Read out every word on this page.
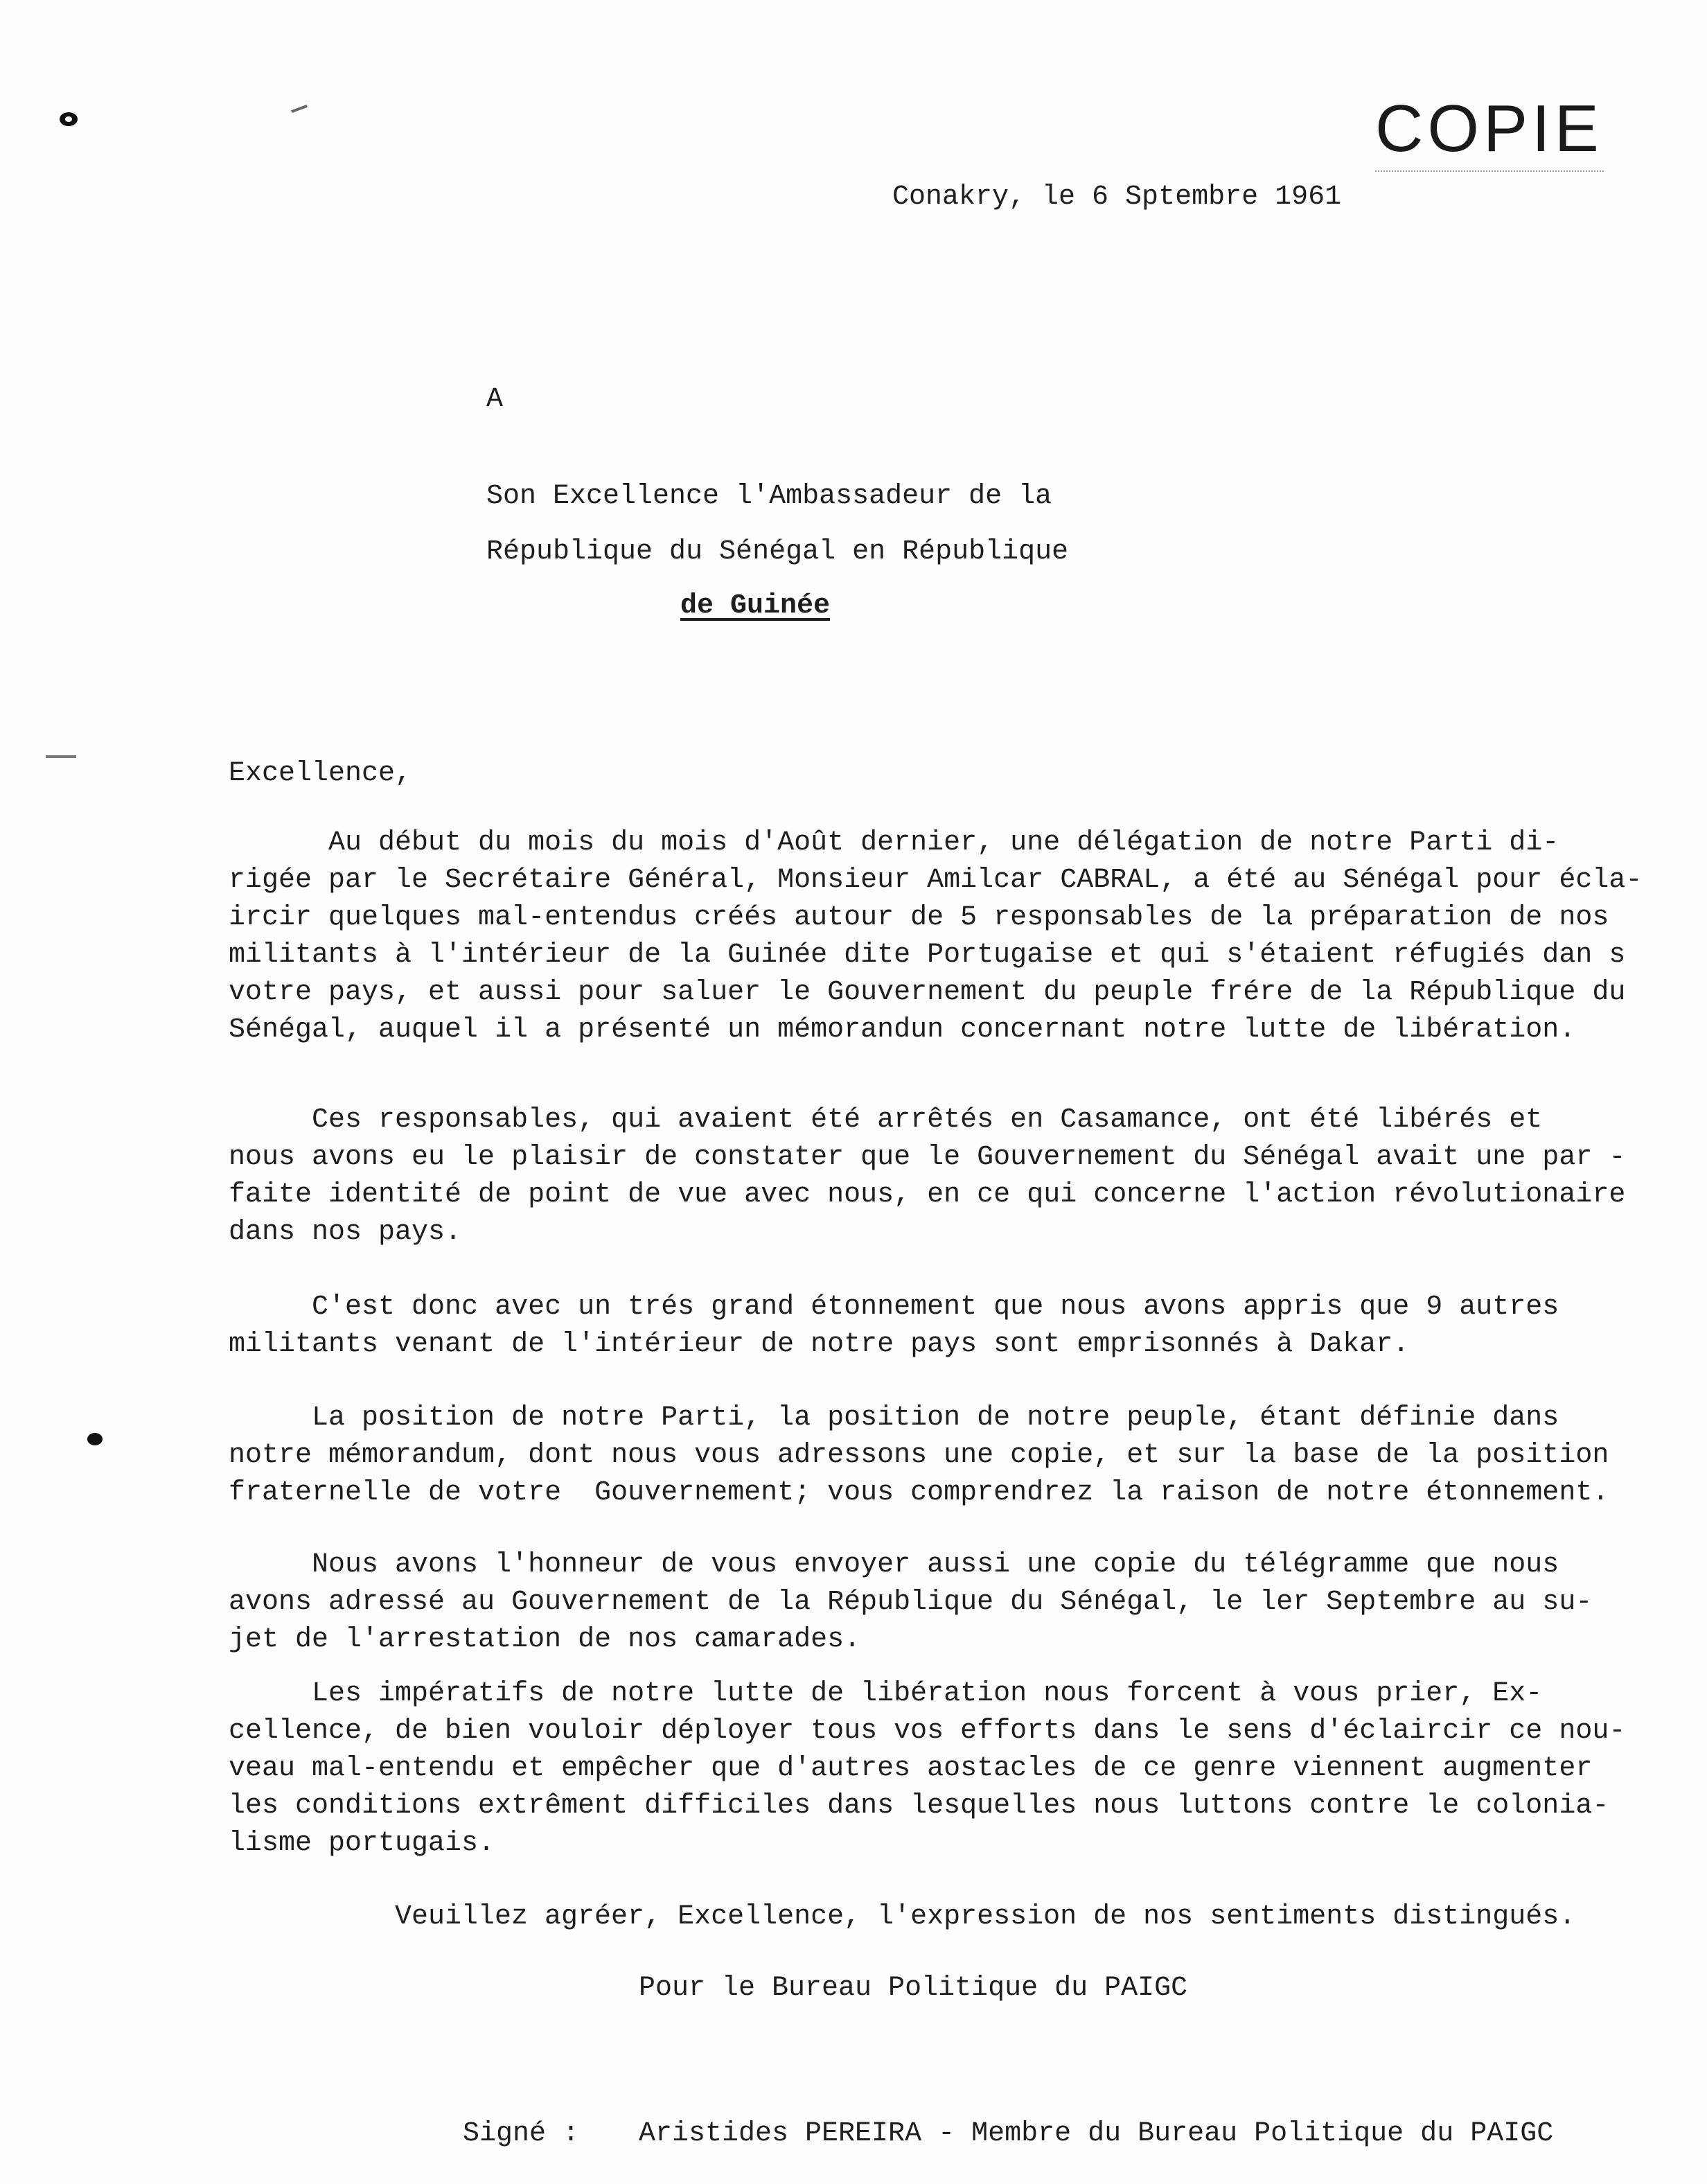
COPIE
Conakry, le 6 Sptembre 1961
A
Son Excellence l'Ambassadeur de la
République du Sénégal en République
de Guinée
Excellence,
Au début du mois du mois d'Août dernier, une délégation de notre Parti di-
rigée par le Secrétaire Général, Monsieur Amilcar CABRAL, a été au Sénégal pour écla-
ircir quelques mal-entendus créés autour de 5 responsables de la préparation de nos
militants à l'intérieur de la Guinée dite Portugaise et qui s'étaient réfugiés dan s
votre pays, et aussi pour saluer le Gouvernement du peuple frére de la République du
Sénégal, auquel il a présenté un mémorandun concernant notre lutte de libération.
Ces responsables, qui avaient été arrêtés en Casamance, ont été libérés et
nous avons eu le plaisir de constater que le Gouvernement du Sénégal avait une par -
faite identité de point de vue avec nous, en ce qui concerne l'action révolutionaire
dans nos pays.
C'est donc avec un trés grand étonnement que nous avons appris que 9 autres
militants venant de l'intérieur de notre pays sont emprisonnés à Dakar.
La position de notre Parti, la position de notre peuple, étant définie dans
notre mémorandum, dont nous vous adressons une copie, et sur la base de la position
fraternelle de votre  Gouvernement; vous comprendrez la raison de notre étonnement.
Nous avons l'honneur de vous envoyer aussi une copie du télégramme que nous
avons adressé au Gouvernement de la République du Sénégal, le ler Septembre au su-
jet de l'arrestation de nos camarades.
Les impératifs de notre lutte de libération nous forcent à vous prier, Ex-
cellence, de bien vouloir déployer tous vos efforts dans le sens d'éclaircir ce nou-
veau mal-entendu et empêcher que d'autres aostacles de ce genre viennent augmenter
les conditions extrêment difficiles dans lesquelles nous luttons contre le colonia-
lisme portugais.
Veuillez agréer, Excellence, l'expression de nos sentiments distingués.
Pour le Bureau Politique du PAIGC
Signé : Aristides PEREIRA - Membre du Bureau Politique du PAIGC
